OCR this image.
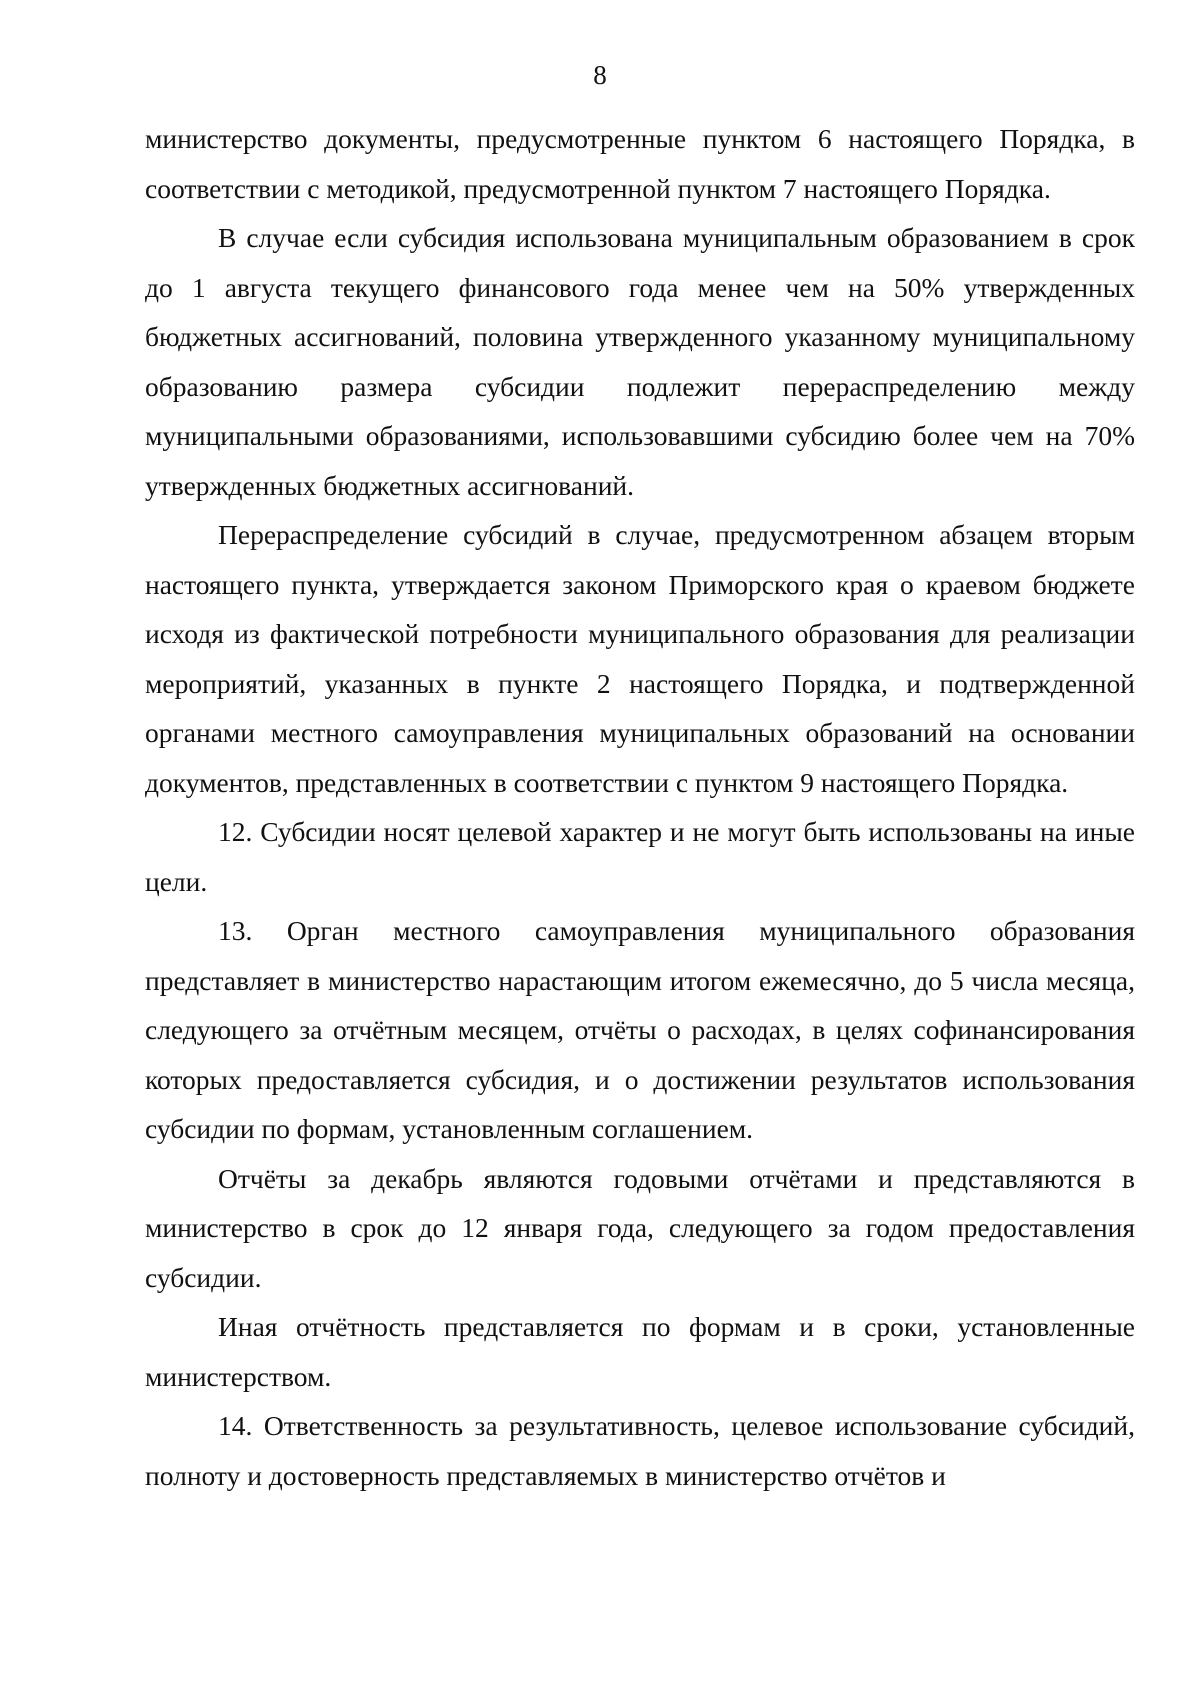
8

министерство документы, предусмотренные пунктом 6 настоящего Порядка, в соответствии с методикой, предусмотренной пунктом 7 настоящего Порядка.

В случае если субсидия использована муниципальным образованием в срок до 1 августа текущего финансового года менее чем на 50% утвержденных бюджетных ассигнований, половина утвержденного указанному муниципальному образованию размера субсидии подлежит перераспределению между муниципальными образованиями, использовавшими субсидию более чем на 70% утвержденных бюджетных ассигнований.

Перераспределение субсидий в случае, предусмотренном абзацем вторым настоящего пункта, утверждается законом Приморского края о краевом бюджете исходя из фактической потребности муниципального образования для реализации мероприятий, указанных в пункте 2 настоящего Порядка, и подтвержденной органами местного самоуправления муниципальных образований на основании документов, представленных в соответствии с пунктом 9 настоящего Порядка.

12. Субсидии носят целевой характер и не могут быть использованы на иные цели.

13. Орган местного самоуправления муниципального образования представляет в министерство нарастающим итогом ежемесячно, до 5 числа месяца, следующего за отчётным месяцем, отчёты о расходах, в целях софинансирования которых предоставляется субсидия, и о достижении результатов использования субсидии по формам, установленным соглашением.

Отчёты за декабрь являются годовыми отчётами и представляются в министерство в срок до 12 января года, следующего за годом предоставления субсидии.

Иная отчётность представляется по формам и в сроки, установленные министерством.

14. Ответственность за результативность, целевое использование субсидий, полноту и достоверность представляемых в министерство отчётов и
